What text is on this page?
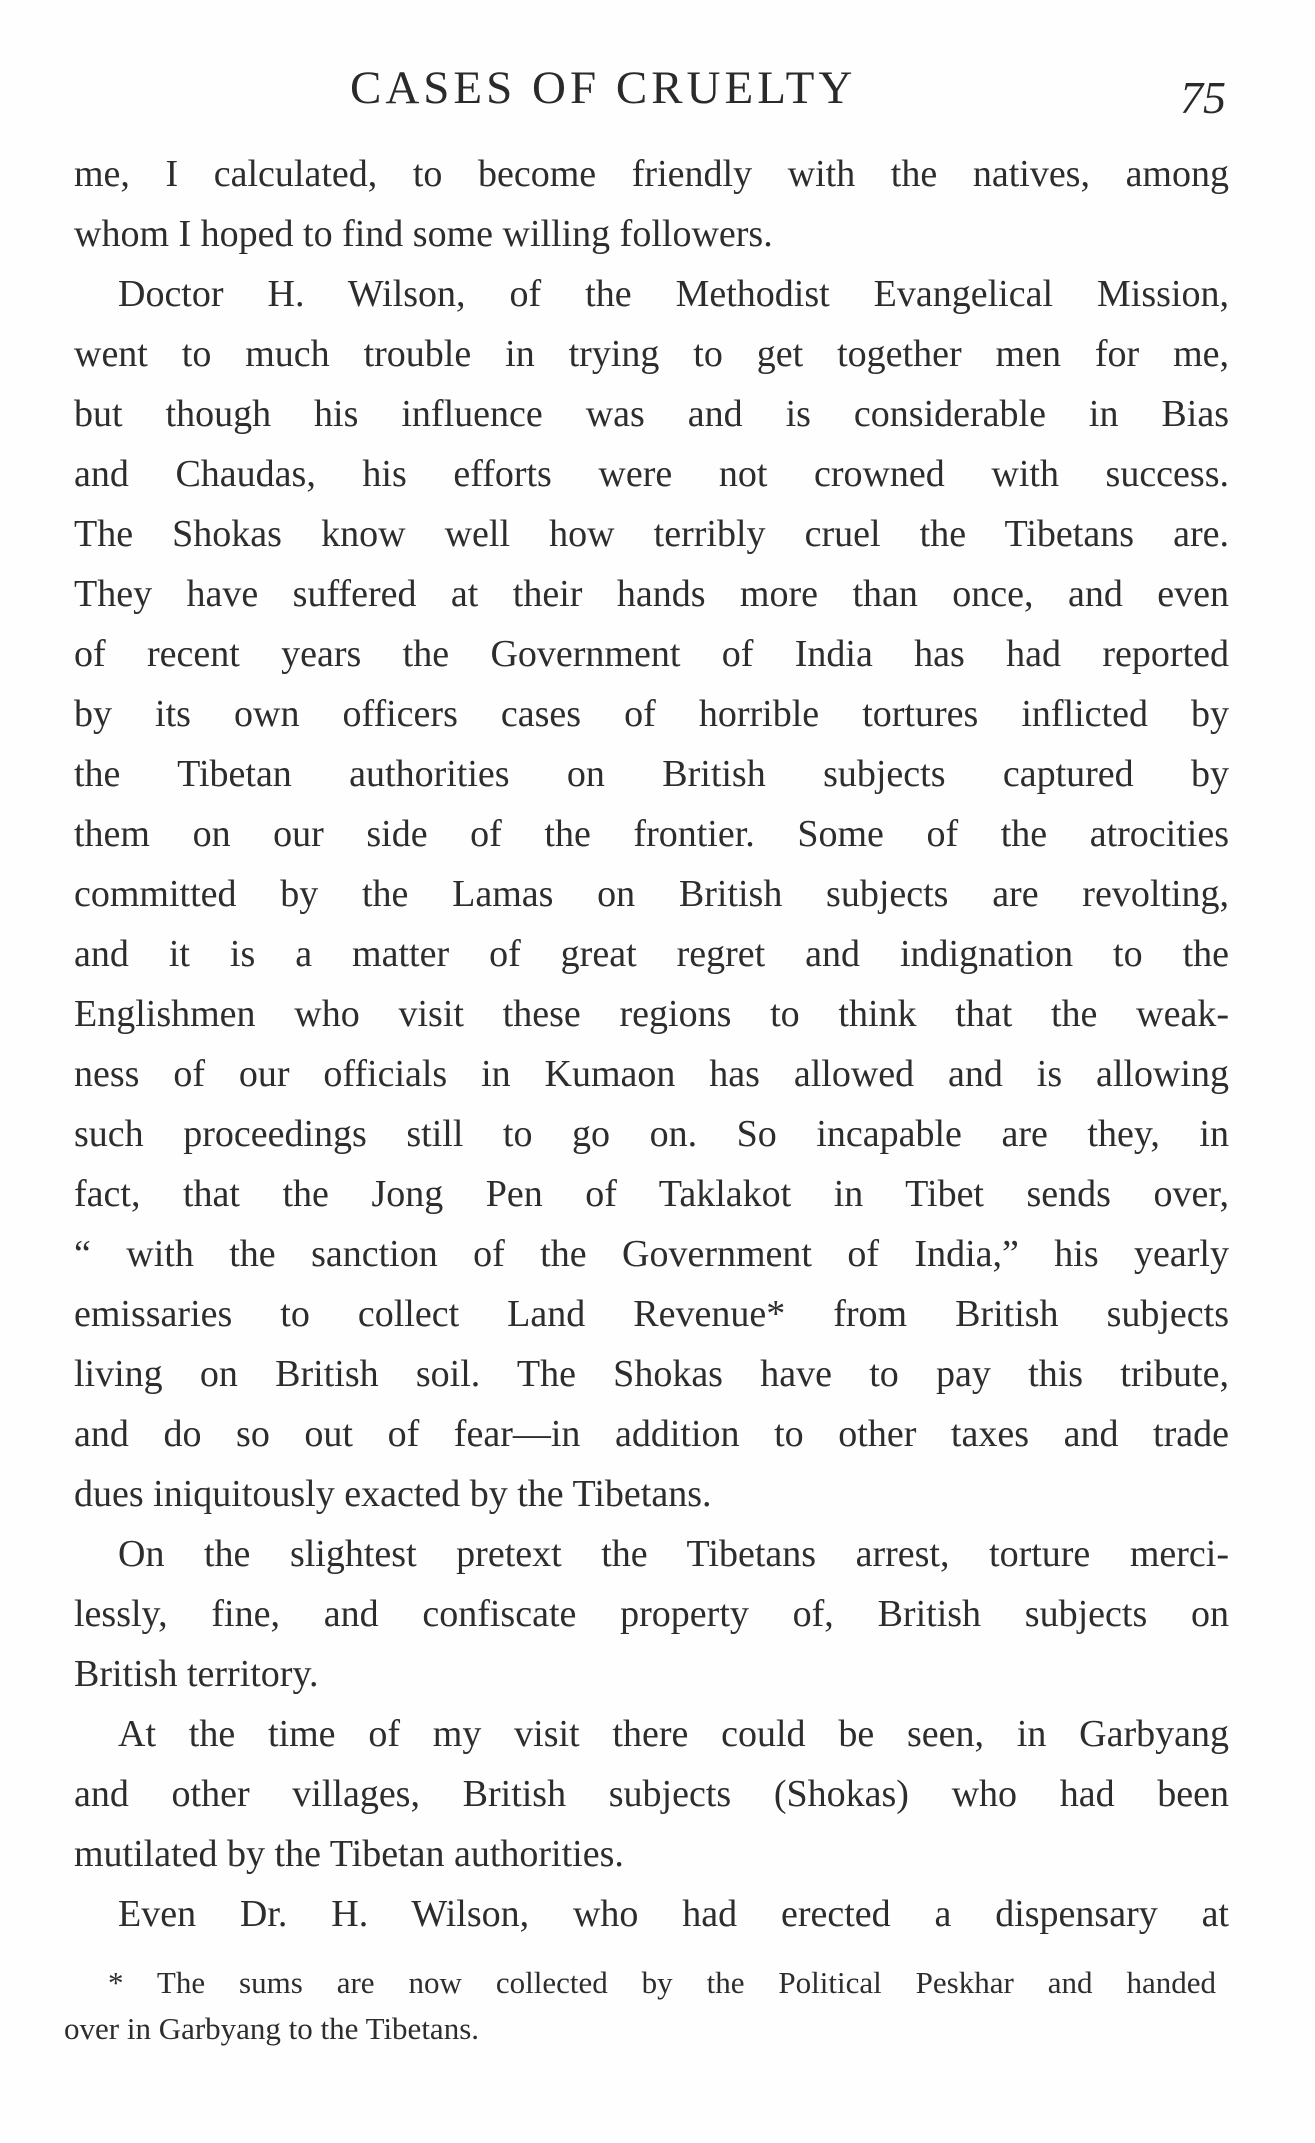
CASES OF CRUELTY	75
me, I calculated, to become friendly with the natives, among
whom I hoped to find some willing followers.
Doctor H. Wilson, of the Methodist Evangelical Mission,
went to much trouble in trying to get together men for me,
but though his influence was and is considerable in Bias
and Chaudas, his efforts were not crowned with success.
The Shokas know well how terribly cruel the Tibetans are.
They have suffered at their hands more than once, and even
of recent years the Government of India has had reported
by its own officers cases of horrible tortures inflicted by
the Tibetan authorities on British subjects captured by
them on our side of the frontier. Some of the atrocities
committed by the Lamas on British subjects are revolting,
and it is a matter of great regret and indignation to the
Englishmen who visit these regions to think that the weak-
ness of our officials in Kumaon has allowed and is allowing
such proceedings still to go on. So incapable are they, in
fact, that the Jong Pen of Taklakot in Tibet sends over,
“ with the sanction of the Government of India,” his yearly
emissaries to collect Land Revenue* from British subjects
living on British soil. The Shokas have to pay this tribute,
and do so out of fear—in addition to other taxes and trade
dues iniquitously exacted by the Tibetans.
On the slightest pretext the Tibetans arrest, torture merci-
lessly, fine, and confiscate property of, British subjects on
British territory.
At the time of my visit there could be seen, in Garbyang
and other villages, British subjects (Shokas) who had been
mutilated by the Tibetan authorities.
Even Dr. H. Wilson, who had erected a dispensary at
* The sums are now collected by the Political Peskhar and handed
over in Garbyang to the Tibetans.
